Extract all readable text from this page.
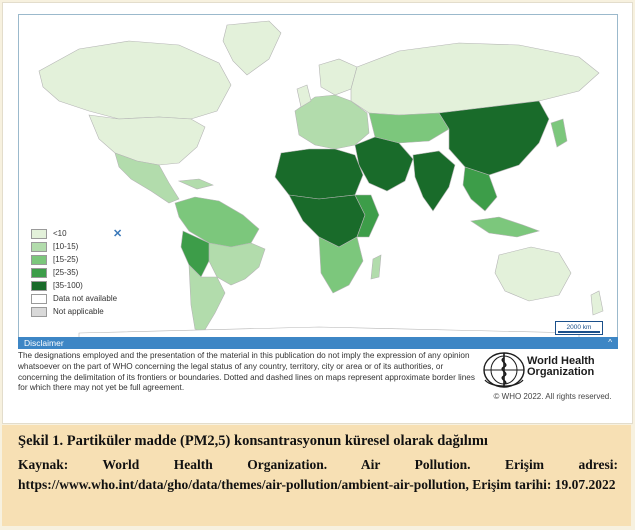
<10
[10-15)
[15-25)
[25-35)
[35-100)
Data not available
Not applicable
✕
2000 km
Disclaimer	^
The designations employed and the presentation of the material in this publication do not imply the expression of any opinion whatsoever on the part of WHO concerning the legal status of any country, territory, city or area or of its authorities, or concerning the delimitation of its frontiers or boundaries. Dotted and dashed lines on maps represent approximate border lines for which there may not yet be full agreement.
World Health Organization
© WHO 2022. All rights reserved.
Şekil 1. Partiküler madde (PM2,5) konsantrasyonun küresel olarak dağılımı
Kaynak: World Health Organization. Air Pollution. Erişim adresi: https://www.who.int/data/gho/data/themes/air-pollution/ambient-air-pollution, Erişim tarihi: 19.07.2022
